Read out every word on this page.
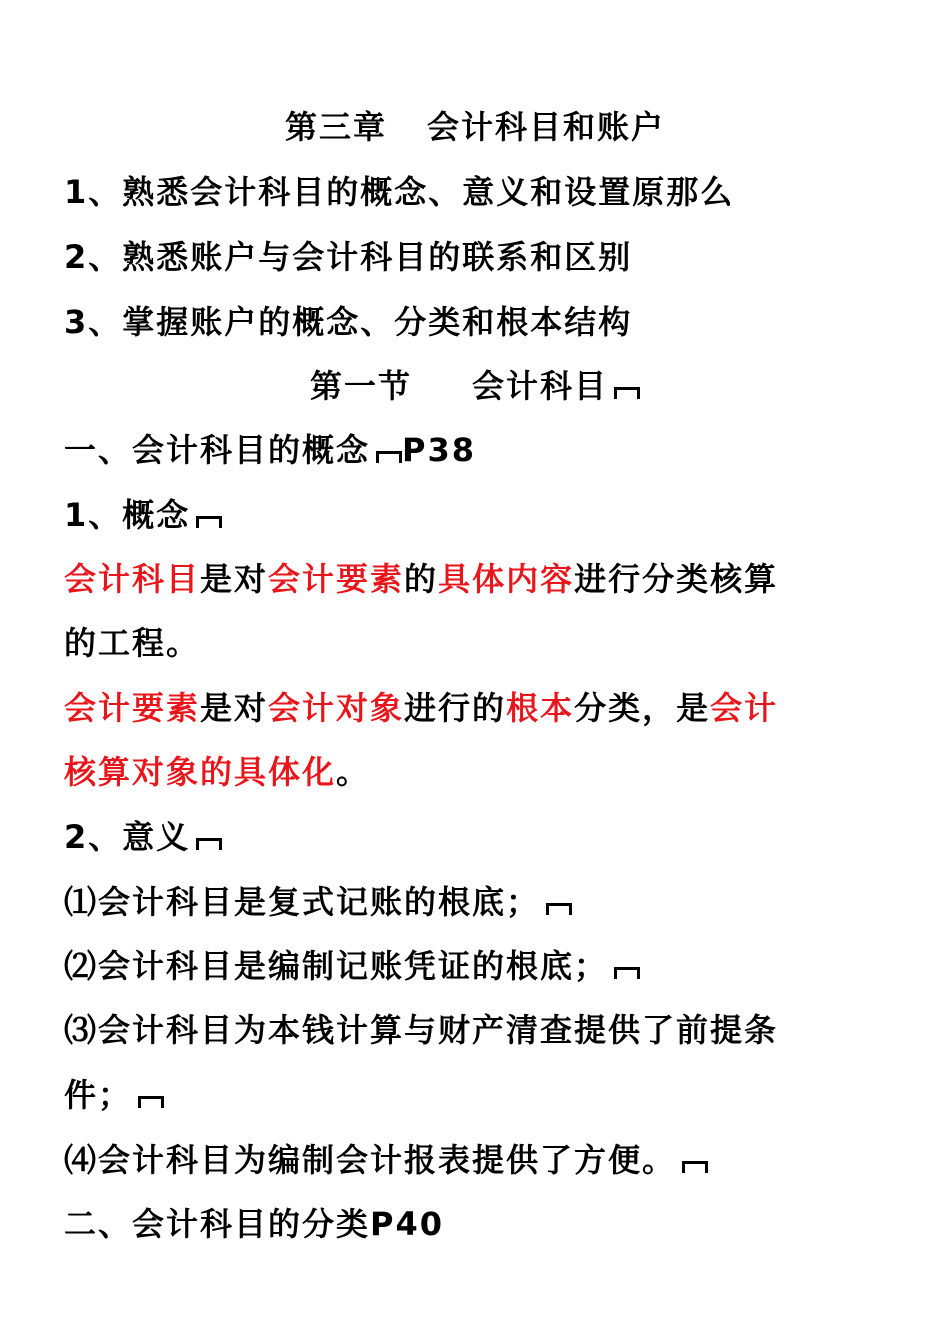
第三章 会计科目和账户
1、熟悉会计科目的概念、意义和设置原那么
2、熟悉账户与会计科目的联系和区别
3、掌握账户的概念、分类和根本结构
第一节 会计科目
一、会计科目的概念 P38
1、概念
会计科目是对会计要素的具体内容进行分类核算
的工程。
会计要素是对会计对象进行的根本分类，是会计
核算对象的具体化。
2、意义
⑴会计科目是复式记账的根底；
⑵会计科目是编制记账凭证的根底；
⑶会计科目为本钱计算与财产清查提供了前提条
件；
⑷会计科目为编制会计报表提供了方便。
二、会计科目的分类P40
